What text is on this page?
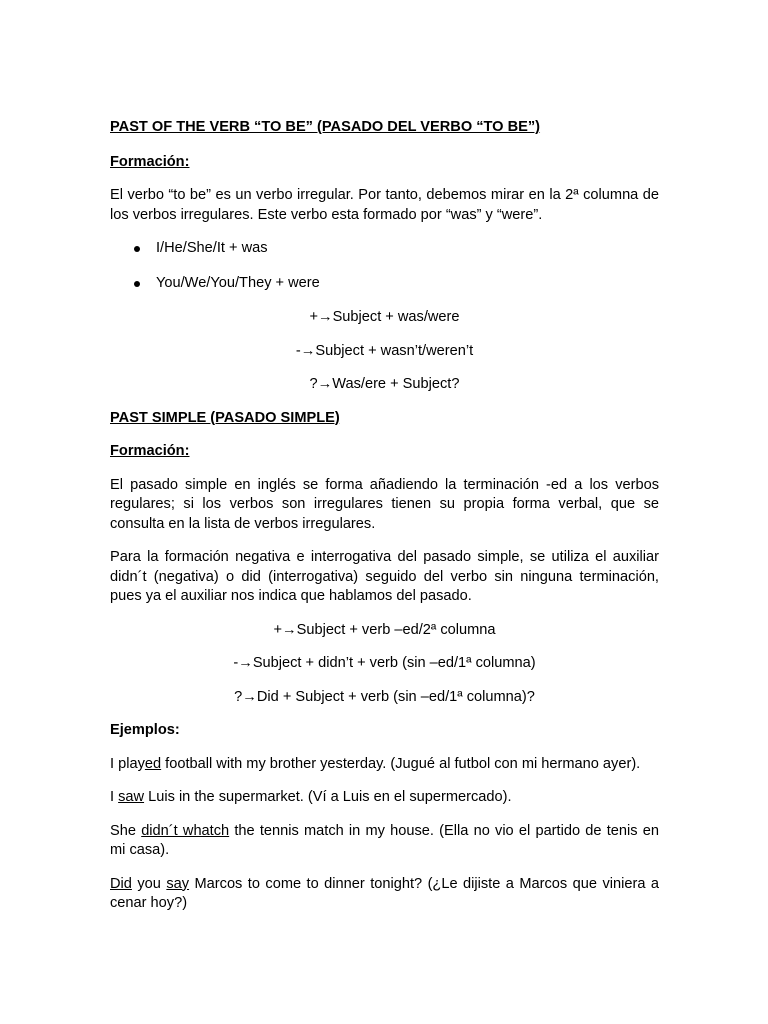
PAST OF THE VERB “TO BE” (PASADO DEL VERBO “TO BE”)

Formación:

El verbo “to be” es un verbo irregular. Por tanto, debemos mirar en la 2ª columna de los verbos irregulares. Este verbo esta formado por “was” y “were”.

I/He/She/It + was
You/We/You/They + were

+→Subject + was/were

-→Subject + wasn’t/weren’t

?→Was/ere + Subject?

PAST SIMPLE (PASADO SIMPLE)

Formación:

El pasado simple en inglés se forma añadiendo la terminación -ed a los verbos regulares; si los verbos son irregulares tienen su propia forma verbal, que se consulta en la lista de verbos irregulares.

Para la formación negativa e interrogativa del pasado simple, se utiliza el auxiliar didn´t (negativa) o did (interrogativa) seguido del verbo sin ninguna terminación, pues ya el auxiliar nos indica que hablamos del pasado.

+→Subject + verb –ed/2ª columna

-→Subject + didn’t + verb (sin –ed/1ª columna)

?→Did + Subject + verb (sin –ed/1ª columna)?

Ejemplos:

I played football with my brother yesterday. (Jugué al futbol con mi hermano ayer).

I saw Luis in the supermarket. (Ví a Luis en el supermercado).

She didn´t whatch the tennis match in my house. (Ella no vio el partido de tenis en mi casa).

Did you say Marcos to come to dinner tonight? (¿Le dijiste a Marcos que viniera a cenar hoy?)
